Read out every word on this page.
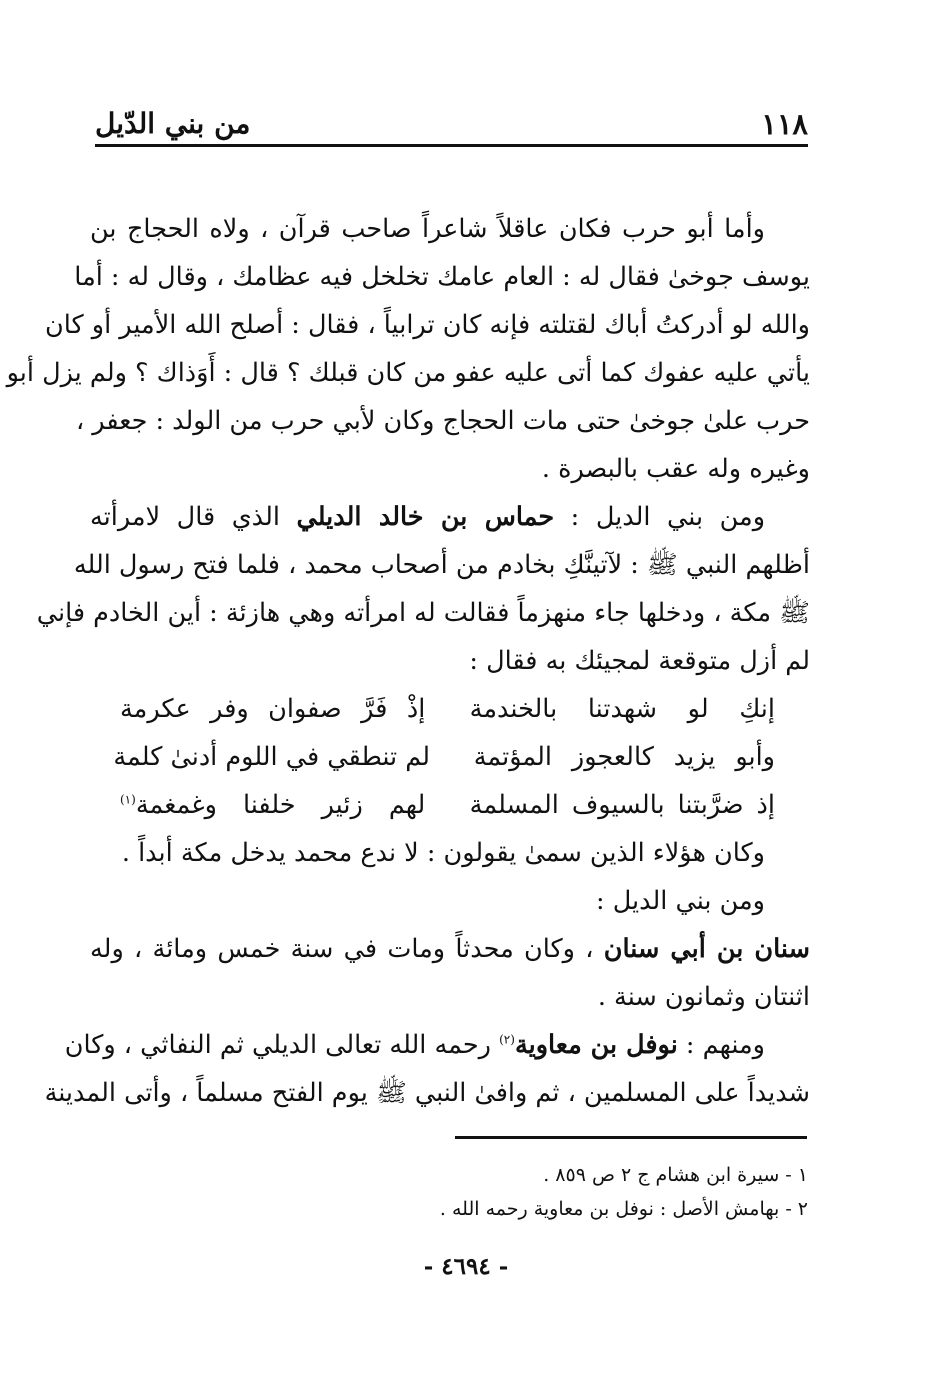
١١٨
من بني الدّيل
وأما أبو حرب فكان عاقلاً شاعراً صاحب قرآن ، ولاه الحجاج بن
يوسف جوخىٰ فقال له : العام عامك تخلخل فيه عظامك ، وقال له : أما
والله لو أدركتُ أباك لقتلته فإنه كان ترابياً ، فقال : أصلح الله الأمير أو كان
يأتي عليه عفوك كما أتى عليه عفو من كان قبلك ؟ قال : أَوَذاك ؟ ولم يزل أبو
حرب علىٰ جوخىٰ حتى مات الحجاج وكان لأبي حرب من الولد : جعفر ،
وغيره وله عقب بالبصرة .
ومن بني الديل : حماس بن خالد الديلي الذي قال لامرأته
أظلهم النبي ﷺ : لآتينَّكِ بخادم من أصحاب محمد ، فلما فتح رسول الله
ﷺ مكة ، ودخلها جاء منهزماً فقالت له امرأته وهي هازئة : أين الخادم فإني
لم أزل متوقعة لمجيئك به فقال :
إنكِ لو شهدتنا بالخندمة
إذْ فَرَّ صفوان وفر عكرمة
وأبو يزيد كالعجوز المؤتمة
لم تنطقي في اللوم أدنىٰ كلمة
إذ ضرَّبتنا بالسيوف المسلمة
لهم زئير خلفنا وغمغمة$^{(١)}$
وكان هؤلاء الذين سمىٰ يقولون : لا ندع محمد يدخل مكة أبداً .
ومن بني الديل :
سنان بن أبي سنان ، وكان محدثاً ومات في سنة خمس ومائة ، وله
اثنتان وثمانون سنة .
ومنهم : نوفل بن معاوية$^{(٢)}$ رحمه الله تعالى الديلي ثم النفاثي ، وكان
شديداً على المسلمين ، ثم وافىٰ النبي ﷺ يوم الفتح مسلماً ، وأتى المدينة
١ - سيرة ابن هشام ج ٢ ص ٨٥٩ .
٢ - بهامش الأصل : نوفل بن معاوية رحمه الله .
- ٤٦٩٤ -
